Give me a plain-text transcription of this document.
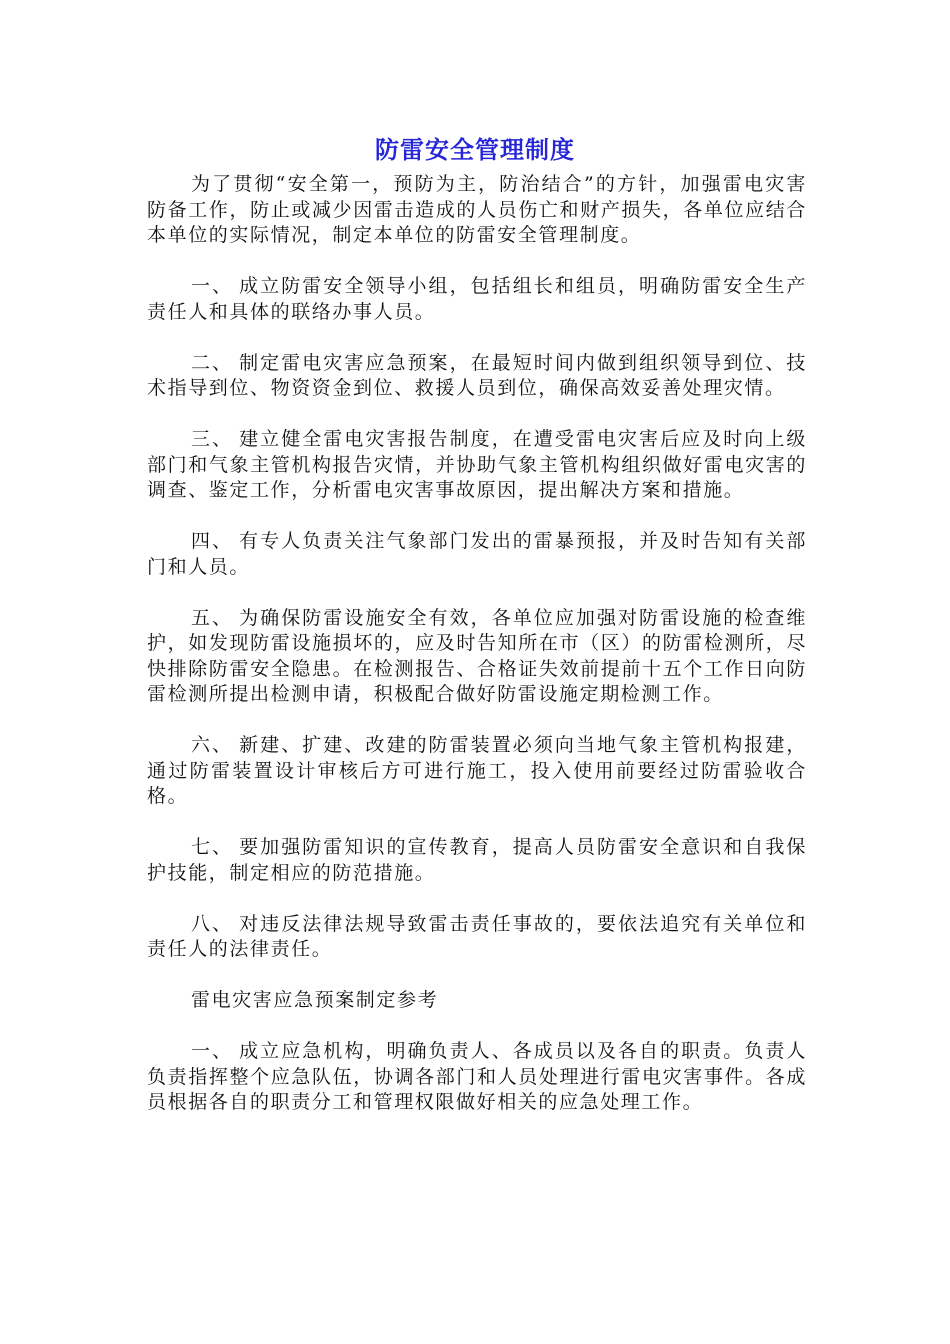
防雷安全管理制度

为了贯彻“安全第一，预防为主，防治结合”的方针，加强雷电灾害防备工作，防止或减少因雷击造成的人员伤亡和财产损失，各单位应结合本单位的实际情况，制定本单位的防雷安全管理制度。

一、 成立防雷安全领导小组，包括组长和组员，明确防雷安全生产责任人和具体的联络办事人员。

二、 制定雷电灾害应急预案，在最短时间内做到组织领导到位、技术指导到位、物资资金到位、救援人员到位，确保高效妥善处理灾情。

三、 建立健全雷电灾害报告制度，在遭受雷电灾害后应及时向上级部门和气象主管机构报告灾情，并协助气象主管机构组织做好雷电灾害的调查、鉴定工作，分析雷电灾害事故原因，提出解决方案和措施。

四、 有专人负责关注气象部门发出的雷暴预报，并及时告知有关部门和人员。

五、 为确保防雷设施安全有效，各单位应加强对防雷设施的检查维护，如发现防雷设施损坏的，应及时告知所在市（区）的防雷检测所，尽快排除防雷安全隐患。在检测报告、合格证失效前提前十五个工作日向防雷检测所提出检测申请，积极配合做好防雷设施定期检测工作。

六、 新建、扩建、改建的防雷装置必须向当地气象主管机构报建，通过防雷装置设计审核后方可进行施工，投入使用前要经过防雷验收合格。

七、 要加强防雷知识的宣传教育，提高人员防雷安全意识和自我保护技能，制定相应的防范措施。

八、 对违反法律法规导致雷击责任事故的，要依法追究有关单位和责任人的法律责任。

雷电灾害应急预案制定参考

一、 成立应急机构，明确负责人、各成员以及各自的职责。负责人负责指挥整个应急队伍，协调各部门和人员处理进行雷电灾害事件。各成员根据各自的职责分工和管理权限做好相关的应急处理工作。
